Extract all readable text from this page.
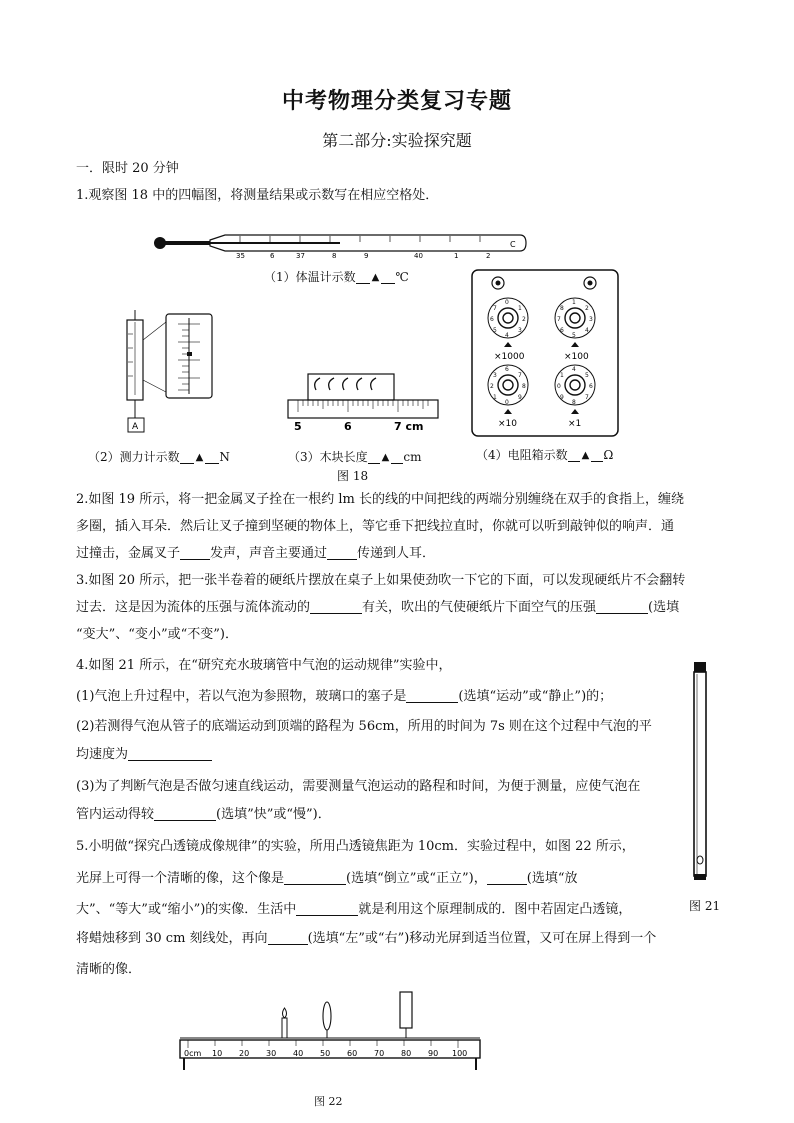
中考物理分类复习专题
第二部分:实验探究题
一．限时 20 分钟
1.观察图 18 中的四幅图，将测量结果或示数写在相应空格处．
35	6	37	8	9	40	1	2
C
（1）体温计示数 ▲ ℃
A	5	6	7 cm
0
1
2
3
4
5
6
7
1
2
3
4
5
6
7
8
6
7
8
9
0
1
2
3
4
5
6
7
8
9
0
1
×1000	×100
×10	×1
（2）测力计示数 ▲ N	（3）木块长度 ▲ cm	（4）电阻箱示数 ▲ Ω
图 18
2.如图 19 所示，将一把金属叉子拴在一根约 lm 长的线的中间把线的两端分别缠绕在双手的食指上，缠绕
多圈，插入耳朵．然后让叉子撞到坚硬的物体上，等它垂下把线拉直时，你就可以听到敲钟似的响声．通
过撞击，金属叉子 发声，声音主要通过 传递到人耳．
3.如图 20 所示，把一张半卷着的硬纸片摆放在桌子上如果使劲吹一下它的下面，可以发现硬纸片不会翻转
过去．这是因为流体的压强与流体流动的	有关，吹出的气使硬纸片下面空气的压强	(选填
“变大”、“变小”或“不变”)．
4.如图 21 所示，在“研究充水玻璃管中气泡的运动规律”实验中，
(1)气泡上升过程中，若以气泡为参照物，玻璃口的塞子是	(选填“运动”或“静止”)的；
(2)若测得气泡从管子的底端运动到顶端的路程为 56cm，所用的时间为 7s 则在这个过程中气泡的平
均速度为
(3)为了判断气泡是否做匀速直线运动，需要测量气泡运动的路程和时间，为便于测量，应使气泡在
管内运动得较	(选填”快”或“慢”)．
图 21
5.小明做“探究凸透镜成像规律”的实验，所用凸透镜焦距为 10cm．实验过程中，如图 22 所示，
光屏上可得一个清晰的像，这个像是	(选填“倒立”或“正立”)，	(选填“放
大”、“等大”或“缩小”)的实像．生活中	就是利用这个原理制成的．图中若固定凸透镜，
将蜡烛移到 30 cm 刻线处，再向	(选填“左”或“右”)移动光屏到适当位置，又可在屏上得到一个
清晰的像．
0cm 10 20 30 40 50 60 70 80 90 100
图 22
